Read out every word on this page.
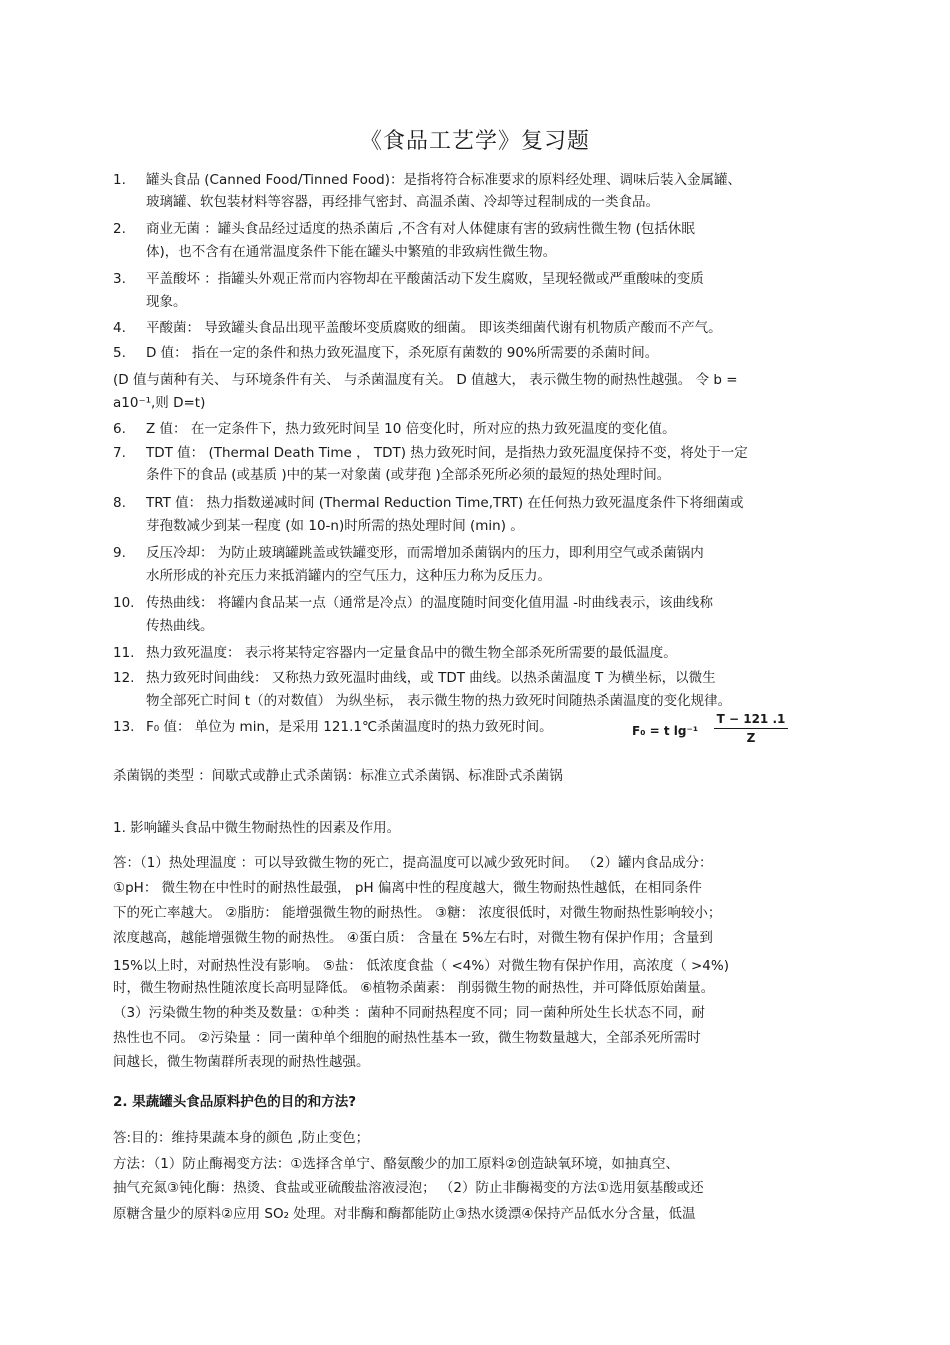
《食品工艺学》复习题
1. 罐头食品 (Canned Food/Tinned Food)：是指将符合标准要求的原料经处理、调味后装入金属罐、
玻璃罐、软包装材料等容器，再经排气密封、高温杀菌、冷却等过程制成的一类食品。
2. 商业无菌 ：罐头食品经过适度的热杀菌后 ,不含有对人体健康有害的致病性微生物 (包括休眠
体)，也不含有在通常温度条件下能在罐头中繁殖的非致病性微生物。
3. 平盖酸坏 ：指罐头外观正常而内容物却在平酸菌活动下发生腐败，呈现轻微或严重酸味的变质
现象。
4. 平酸菌： 导致罐头食品出现平盖酸坏变质腐败的细菌。 即该类细菌代谢有机物质产酸而不产气。
5. D 值： 指在一定的条件和热力致死温度下，杀死原有菌数的 90%所需要的杀菌时间。
(D 值与菌种有关、 与环境条件有关、 与杀菌温度有关。 D 值越大， 表示微生物的耐热性越强。 令 b =
a10⁻¹,则 D=t)
6. Z 值： 在一定条件下，热力致死时间呈 10 倍变化时，所对应的热力致死温度的变化值。
7. TDT 值： (Thermal Death Time ， TDT) 热力致死时间，是指热力致死温度保持不变，将处于一定
条件下的食品 (或基质 )中的某一对象菌 (或芽孢 )全部杀死所必须的最短的热处理时间。
8. TRT 值： 热力指数递减时间 (Thermal Reduction Time,TRT) 在任何热力致死温度条件下将细菌或
芽孢数减少到某一程度 (如 10-n)时所需的热处理时间 (min) 。
9. 反压冷却： 为防止玻璃罐跳盖或铁罐变形，而需增加杀菌锅内的压力，即利用空气或杀菌锅内
水所形成的补充压力来抵消罐内的空气压力，这种压力称为反压力。
10. 传热曲线： 将罐内食品某一点（通常是冷点）的温度随时间变化值用温 -时曲线表示，该曲线称
传热曲线。
11. 热力致死温度： 表示将某特定容器内一定量食品中的微生物全部杀死所需要的最低温度。
12. 热力致死时间曲线： 又称热力致死温时曲线，或 TDT 曲线。以热杀菌温度 T 为横坐标，以微生
物全部死亡时间 t（的对数值） 为纵坐标， 表示微生物的热力致死时间随热杀菌温度的变化规律。
13. F₀ 值： 单位为 min，是采用 121.1℃杀菌温度时的热力致死时间。	F₀ = t $\lg^{-1} \frac{T - 121 .1}{Z}$
杀菌锅的类型 ：间歇式或静止式杀菌锅：标准立式杀菌锅、标准卧式杀菌锅
1. 影响罐头食品中微生物耐热性的因素及作用。
答：（1）热处理温度 ：可以导致微生物的死亡，提高温度可以减少致死时间。 （2）罐内食品成分：
①pH： 微生物在中性时的耐热性最强， pH 偏离中性的程度越大，微生物耐热性越低，在相同条件
下的死亡率越大。 ②脂肪： 能增强微生物的耐热性。 ③糖： 浓度很低时，对微生物耐热性影响较小；
浓度越高，越能增强微生物的耐热性。 ④蛋白质： 含量在 5%左右时，对微生物有保护作用；含量到
15%以上时，对耐热性没有影响。 ⑤盐： 低浓度食盐（ <4%）对微生物有保护作用，高浓度（ >4%)
时，微生物耐热性随浓度长高明显降低。 ⑥植物杀菌素： 削弱微生物的耐热性，并可降低原始菌量。
（3）污染微生物的种类及数量：①种类 ：菌种不同耐热程度不同；同一菌种所处生长状态不同，耐
热性也不同。 ②污染量 ：同一菌种单个细胞的耐热性基本一致，微生物数量越大，全部杀死所需时
间越长，微生物菌群所表现的耐热性越强。
2. 果蔬罐头食品原料护色的目的和方法?
答:目的：维持果蔬本身的颜色 ,防止变色；
方法：（1）防止酶褐变方法：①选择含单宁、酪氨酸少的加工原料②创造缺氧环境，如抽真空、
抽气充氮③钝化酶：热烫、食盐或亚硫酸盐溶液浸泡； （2）防止非酶褐变的方法①选用氨基酸或还
原糖含量少的原料②应用 SO₂ 处理。对非酶和酶都能防止③热水烫漂④保持产品低水分含量，低温
